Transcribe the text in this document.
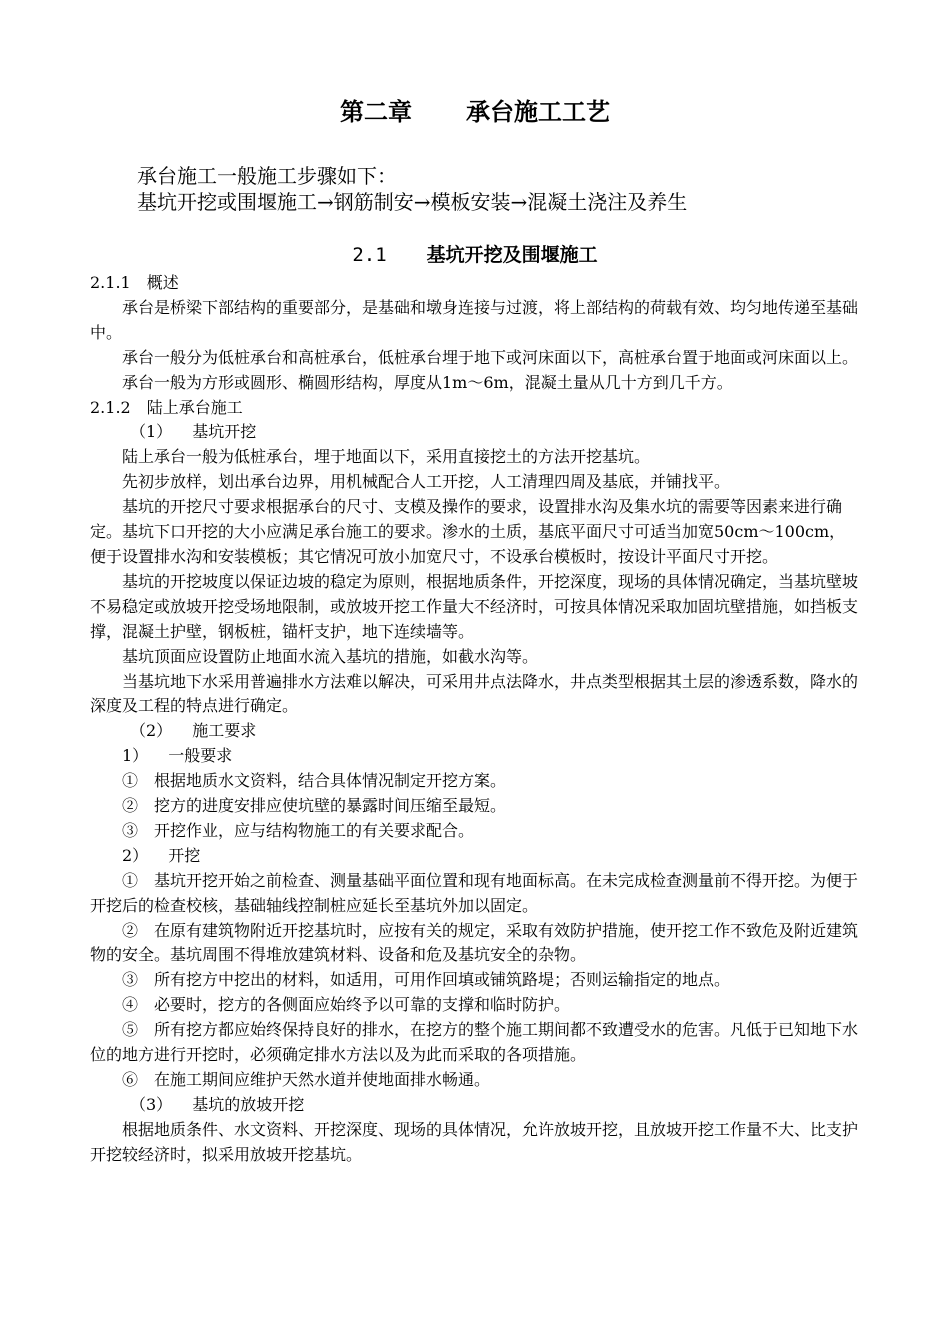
第二章 承台施工工艺
承台施工一般施工步骤如下：
基坑开挖或围堰施工→钢筋制安→模板安装→混凝土浇注及养生
2.1 基坑开挖及围堰施工

2.1.1　概述

承台是桥梁下部结构的重要部分，是基础和墩身连接与过渡，将上部结构的荷载有效、均匀地传递至基础中。

承台一般分为低桩承台和高桩承台，低桩承台埋于地下或河床面以下，高桩承台置于地面或河床面以上。

承台一般为方形或圆形、椭圆形结构，厚度从1m～6m，混凝土量从几十方到几千方。

2.1.2　陆上承台施工

（1） 基坑开挖

陆上承台一般为低桩承台，埋于地面以下，采用直接挖土的方法开挖基坑。

先初步放样，划出承台边界，用机械配合人工开挖，人工清理四周及基底，并铺找平。

基坑的开挖尺寸要求根据承台的尺寸、支模及操作的要求，设置排水沟及集水坑的需要等因素来进行确定。基坑下口开挖的大小应满足承台施工的要求。渗水的土质，基底平面尺寸可适当加宽50cm～100cm，便于设置排水沟和安装模板；其它情况可放小加宽尺寸，不设承台模板时，按设计平面尺寸开挖。

基坑的开挖坡度以保证边坡的稳定为原则，根据地质条件，开挖深度，现场的具体情况确定，当基坑壁坡不易稳定或放坡开挖受场地限制，或放坡开挖工作量大不经济时，可按具体情况采取加固坑壁措施，如挡板支撑，混凝土护壁，钢板桩，锚杆支护，地下连续墙等。

基坑顶面应设置防止地面水流入基坑的措施，如截水沟等。

当基坑地下水采用普遍排水方法难以解决，可采用井点法降水，井点类型根据其土层的渗透系数，降水的深度及工程的特点进行确定。

（2） 施工要求

1） 一般要求

①　根据地质水文资料，结合具体情况制定开挖方案。

②　挖方的进度安排应使坑壁的暴露时间压缩至最短。

③　开挖作业，应与结构物施工的有关要求配合。

2） 开挖

①　基坑开挖开始之前检查、测量基础平面位置和现有地面标高。在未完成检查测量前不得开挖。为便于开挖后的检查校核，基础轴线控制桩应延长至基坑外加以固定。

②　在原有建筑物附近开挖基坑时，应按有关的规定，采取有效防护措施，使开挖工作不致危及附近建筑物的安全。基坑周围不得堆放建筑材料、设备和危及基坑安全的杂物。

③　所有挖方中挖出的材料，如适用，可用作回填或铺筑路堤；否则运输指定的地点。

④　必要时，挖方的各侧面应始终予以可靠的支撑和临时防护。

⑤　所有挖方都应始终保持良好的排水，在挖方的整个施工期间都不致遭受水的危害。凡低于已知地下水位的地方进行开挖时，必须确定排水方法以及为此而采取的各项措施。

⑥　在施工期间应维护天然水道并使地面排水畅通。

（3） 基坑的放坡开挖

根据地质条件、水文资料、开挖深度、现场的具体情况，允许放坡开挖，且放坡开挖工作量不大、比支护开挖较经济时，拟采用放坡开挖基坑。
